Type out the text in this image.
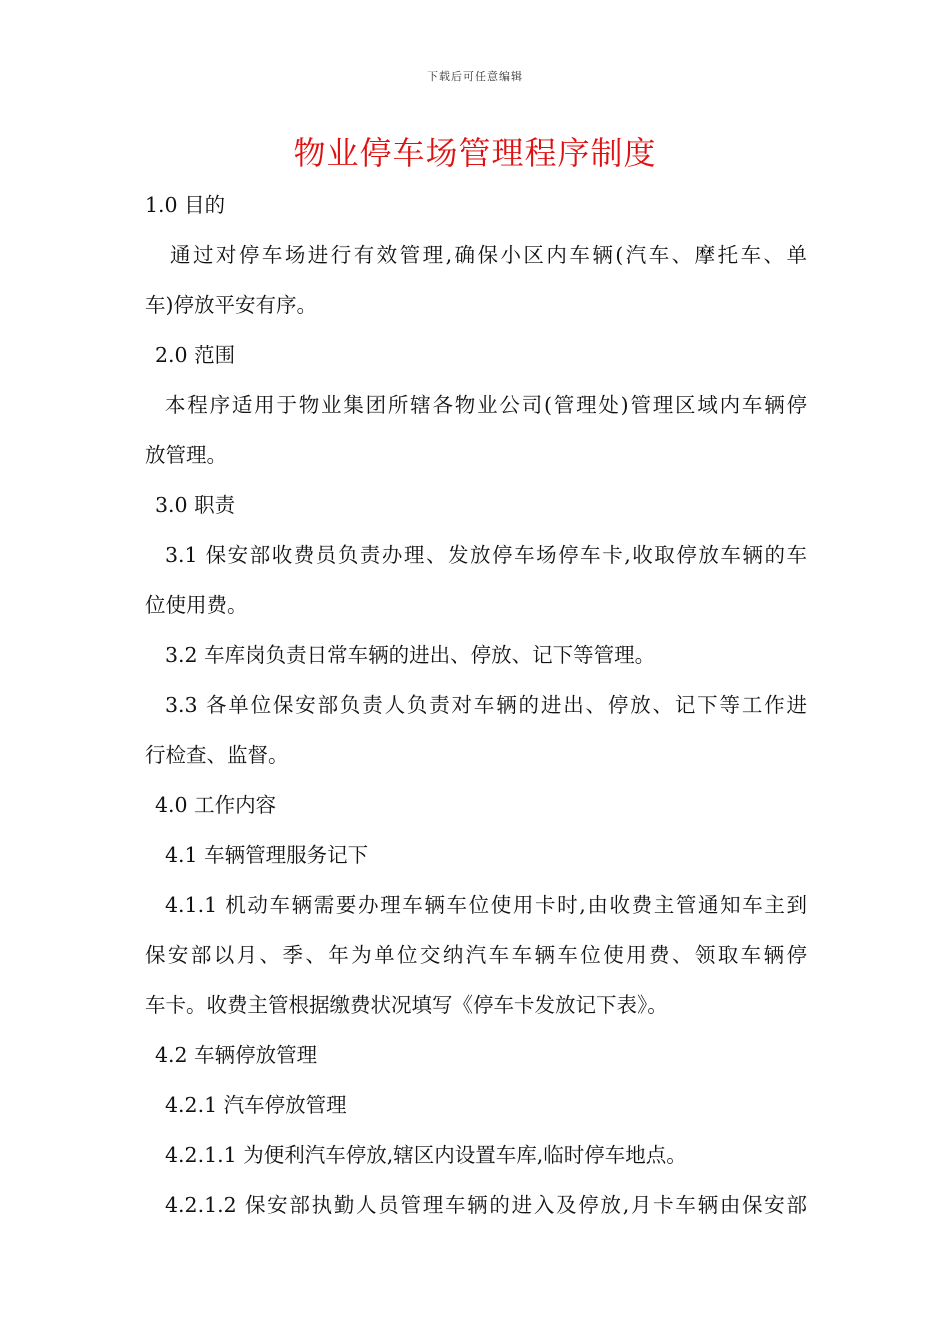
下载后可任意编辑
物业停车场管理程序制度
1.0 目的
通过对停车场进行有效管理,确保小区内车辆(汽车、摩托车、单
车)停放平安有序。
2.0 范围
本程序适用于物业集团所辖各物业公司(管理处)管理区域内车辆停
放管理。
3.0 职责
3.1 保安部收费员负责办理、发放停车场停车卡,收取停放车辆的车
位使用费。
3.2 车库岗负责日常车辆的进出、停放、记下等管理。
3.3 各单位保安部负责人负责对车辆的进出、停放、记下等工作进
行检查、监督。
4.0 工作内容
4.1 车辆管理服务记下
4.1.1 机动车辆需要办理车辆车位使用卡时,由收费主管通知车主到
保安部以月、季、年为单位交纳汽车车辆车位使用费、领取车辆停
车卡。收费主管根据缴费状况填写《停车卡发放记下表》。
4.2 车辆停放管理
4.2.1 汽车停放管理
4.2.1.1 为便利汽车停放,辖区内设置车库,临时停车地点。
4.2.1.2 保安部执勤人员管理车辆的进入及停放,月卡车辆由保安部
